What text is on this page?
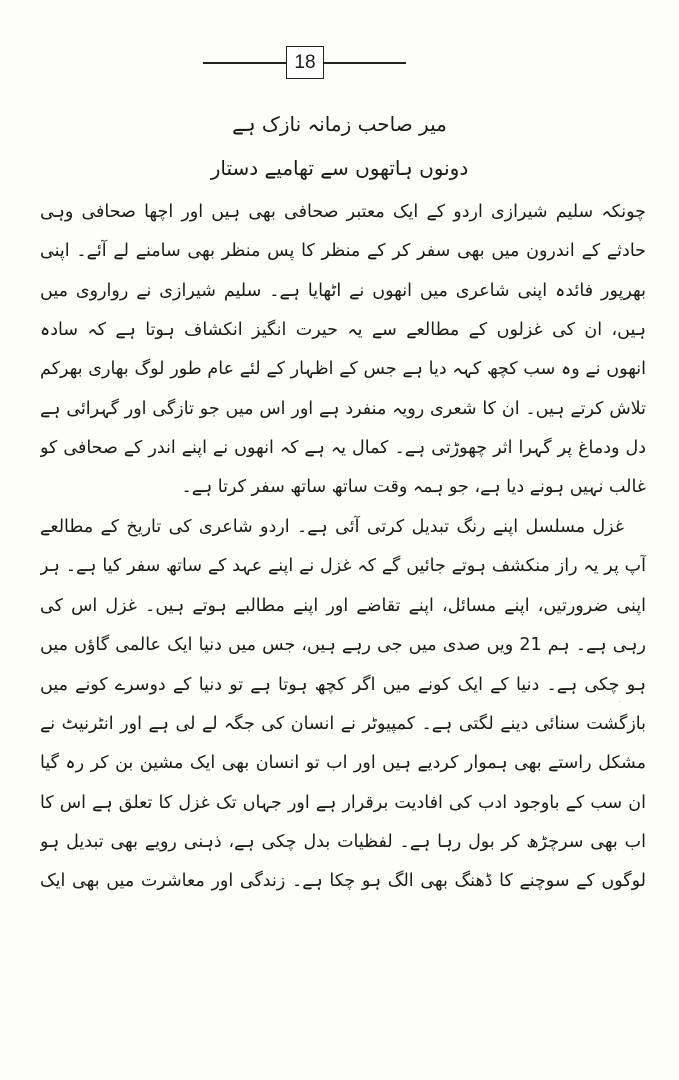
18
میر صاحب زمانہ نازک ہے
دونوں ہاتھوں سے تھامیے دستار
چونکہ سلیم شیرازی اردو کے ایک معتبر صحافی بھی ہیں اور اچھا صحافی وہی
حادثے کے اندرون میں بھی سفر کر کے منظر کا پس منظر بھی سامنے لے آئے۔ اپنی
بھرپور فائدہ اپنی شاعری میں انھوں نے اٹھایا ہے۔ سلیم شیرازی نے رواروی میں
ہیں، ان کی غزلوں کے مطالعے سے یہ حیرت انگیز انکشاف ہوتا ہے کہ سادہ
انھوں نے وہ سب کچھ کہہ دیا ہے جس کے اظہار کے لئے عام طور لوگ بھاری بھرکم
تلاش کرتے ہیں۔ ان کا شعری رویہ منفرد ہے اور اس میں جو تازگی اور گہرائی ہے
دل ودماغ پر گہرا اثر چھوڑتی ہے۔ کمال یہ ہے کہ انھوں نے اپنے اندر کے صحافی کو
غالب نہیں ہونے دیا ہے، جو ہمہ وقت ساتھ ساتھ سفر کرتا ہے۔
غزل مسلسل اپنے رنگ تبدیل کرتی آئی ہے۔ اردو شاعری کی تاریخ کے مطالعے
آپ پر یہ راز منکشف ہوتے جائیں گے کہ غزل نے اپنے عہد کے ساتھ سفر کیا ہے۔ ہر
اپنی ضرورتیں، اپنے مسائل، اپنے تقاضے اور اپنے مطالبے ہوتے ہیں۔ غزل اس کی
رہی ہے۔ ہم 21 ویں صدی میں جی رہے ہیں، جس میں دنیا ایک عالمی گاؤں میں
ہو چکی ہے۔ دنیا کے ایک کونے میں اگر کچھ ہوتا ہے تو دنیا کے دوسرے کونے میں
بازگشت سنائی دینے لگتی ہے۔ کمپیوٹر نے انسان کی جگہ لے لی ہے اور انٹرنیٹ نے
مشکل راستے بھی ہموار کردیے ہیں اور اب تو انسان بھی ایک مشین بن کر رہ گیا
ان سب کے باوجود ادب کی افادیت برقرار ہے اور جہاں تک غزل کا تعلق ہے اس کا
اب بھی سرچڑھ کر بول رہا ہے۔ لفظیات بدل چکی ہے، ذہنی رویے بھی تبدیل ہو
لوگوں کے سوچنے کا ڈھنگ بھی الگ ہو چکا ہے۔ زندگی اور معاشرت میں بھی ایک
